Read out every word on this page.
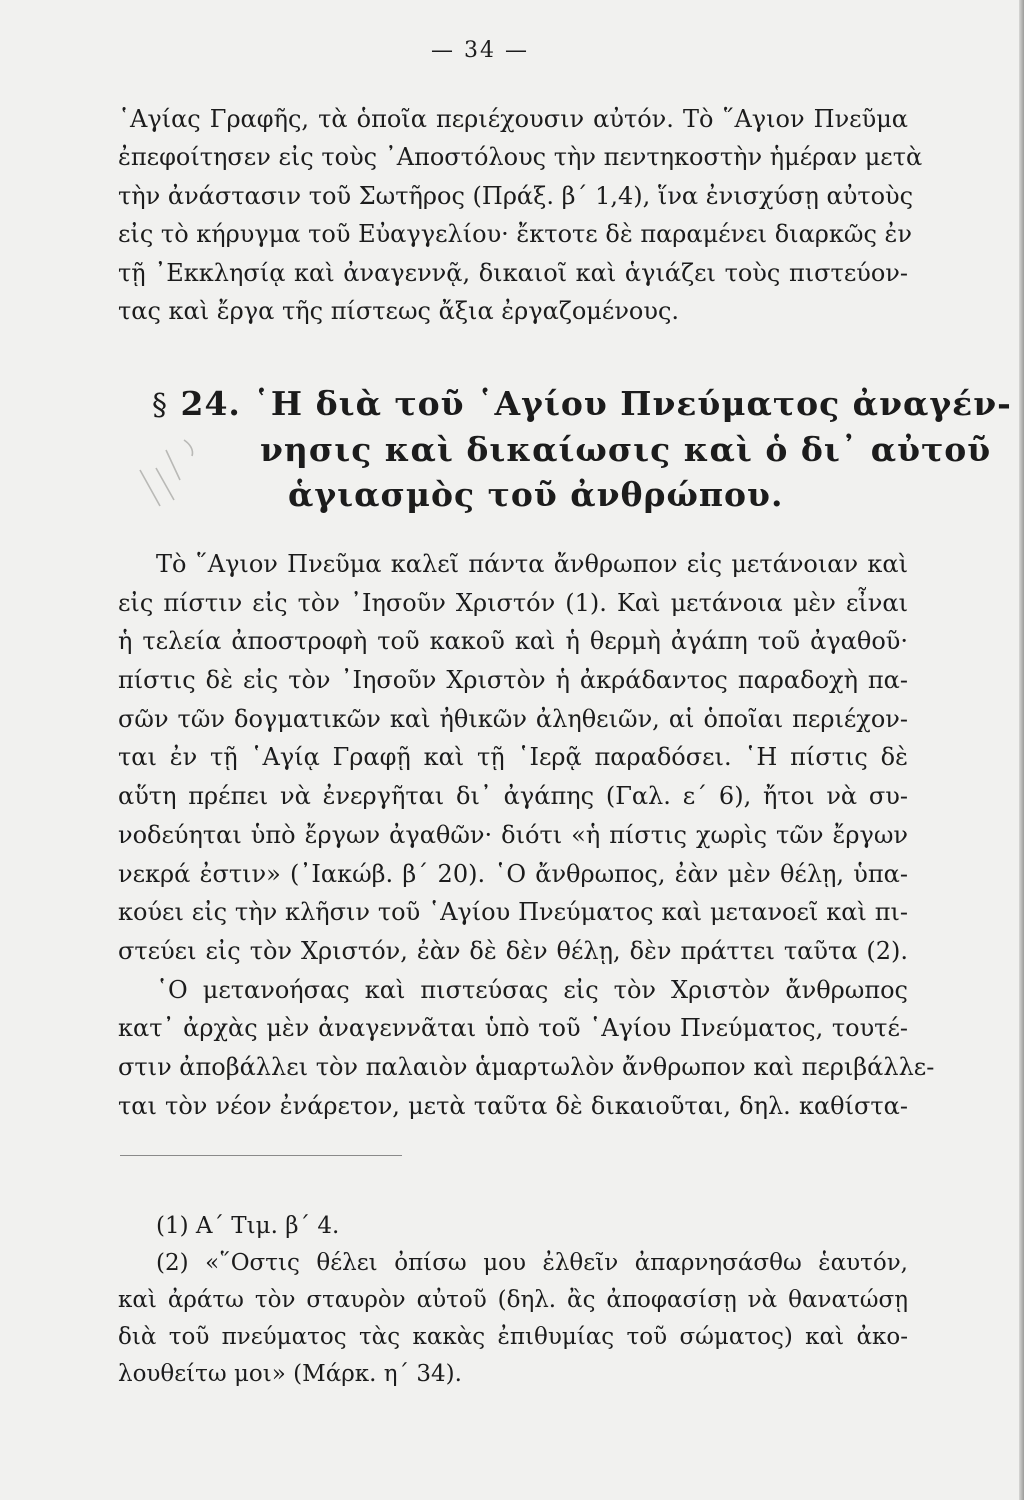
— 34 —
῾Αγίας Γραφῆς, τὰ ὁποῖα περιέχουσιν αὐτόν. Τὸ ῞Αγιον Πνεῦμα
ἐπεφοίτησεν εἰς τοὺς ᾿Αποστόλους τὴν πεντηκοστὴν ἡμέραν μετὰ
τὴν ἀνάστασιν τοῦ Σωτῆρος (Πράξ. β΄ 1,4), ἵνα ἐνισχύσῃ αὐτοὺς
εἰς τὸ κήρυγμα τοῦ Εὐαγγελίου· ἔκτοτε δὲ παραμένει διαρκῶς ἐν
τῇ ᾿Εκκλησίᾳ καὶ ἀναγεννᾷ, δικαιοῖ καὶ ἁγιάζει τοὺς πιστεύον-
τας καὶ ἔργα τῆς πίστεως ἄξια ἐργαζομένους.
§ 24. ῾Η διὰ τοῦ ῾Αγίου Πνεύματος ἀναγέν-
νησις καὶ δικαίωσις καὶ ὁ δι᾿ αὐτοῦ
ἁγιασμὸς τοῦ ἀνθρώπου.
Τὸ ῞Αγιον Πνεῦμα καλεῖ πάντα ἄνθρωπον εἰς μετάνοιαν καὶ
εἰς πίστιν εἰς τὸν ᾿Ιησοῦν Χριστόν (1). Καὶ μετάνοια μὲν εἶναι
ἡ τελεία ἀποστροφὴ τοῦ κακοῦ καὶ ἡ θερμὴ ἀγάπη τοῦ ἀγαθοῦ·
πίστις δὲ εἰς τὸν ᾿Ιησοῦν Χριστὸν ἡ ἀκράδαντος παραδοχὴ πα-
σῶν τῶν δογματικῶν καὶ ἠθικῶν ἀληθειῶν, αἱ ὁποῖαι περιέχον-
ται ἐν τῇ ῾Αγίᾳ Γραφῇ καὶ τῇ ῾Ιερᾷ παραδόσει. ῾Η πίστις δὲ
αὕτη πρέπει νὰ ἐνεργῆται δι᾿ ἀγάπης (Γαλ. ε΄ 6), ἤτοι νὰ συ-
νοδεύηται ὑπὸ ἔργων ἀγαθῶν· διότι «ἡ πίστις χωρὶς τῶν ἔργων
νεκρά ἐστιν» (᾿Ιακώβ. β΄ 20). ῾Ο ἄνθρωπος, ἐὰν μὲν θέλῃ, ὑπα-
κούει εἰς τὴν κλῆσιν τοῦ ῾Αγίου Πνεύματος καὶ μετανοεῖ καὶ πι-
στεύει εἰς τὸν Χριστόν, ἐὰν δὲ δὲν θέλῃ, δὲν πράττει ταῦτα (2).
῾Ο μετανοήσας καὶ πιστεύσας εἰς τὸν Χριστὸν ἄνθρωπος
κατ᾿ ἀρχὰς μὲν ἀναγεννᾶται ὑπὸ τοῦ ῾Αγίου Πνεύματος, τουτέ-
στιν ἀποβάλλει τὸν παλαιὸν ἁμαρτωλὸν ἄνθρωπον καὶ περιβάλλε-
ται τὸν νέον ἐνάρετον, μετὰ ταῦτα δὲ δικαιοῦται, δηλ. καθίστα-
(1) Α΄ Τιμ. β΄ 4.
(2) «῞Οστις θέλει ὀπίσω μου ἐλθεῖν ἀπαρνησάσθω ἑαυτόν,
καὶ ἀράτω τὸν σταυρὸν αὐτοῦ (δηλ. ἂς ἀποφασίσῃ νὰ θανατώσῃ
διὰ τοῦ πνεύματος τὰς κακὰς ἐπιθυμίας τοῦ σώματος) καὶ ἀκο-
λουθείτω μοι» (Μάρκ. η΄ 34).
